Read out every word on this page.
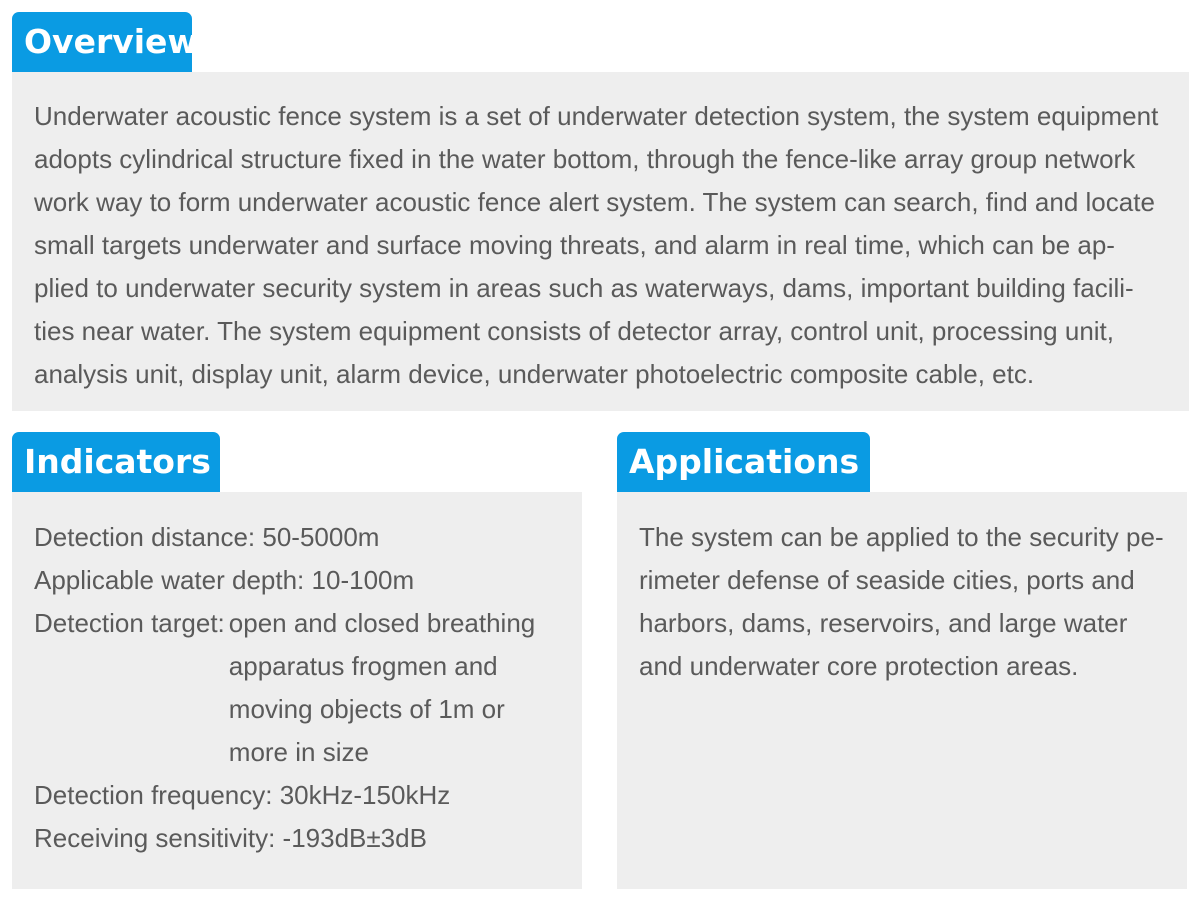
Overview

Underwater acoustic fence system is a set of underwater detection system, the system equipment
adopts cylindrical structure fixed in the water bottom, through the fence-like array group network
work way to form underwater acoustic fence alert system. The system can search, find and locate
small targets underwater and surface moving threats, and alarm in real time, which can be ap-
plied to underwater security system in areas such as waterways, dams, important building facili-
ties near water. The system equipment consists of detector array, control unit, processing unit,
analysis unit, display unit, alarm device, underwater photoelectric composite cable, etc.

Indicators
Detection distance: 50-5000m
Applicable water depth: 10-100m
Detection target: open and closed breathing
apparatus frogmen and
moving objects of 1m or
more in size
Detection frequency: 30kHz-150kHz
Receiving sensitivity: -193dB±3dB
Applications
The system can be applied to the security pe-
rimeter defense of seaside cities, ports and
harbors, dams, reservoirs, and large water
and underwater core protection areas.
